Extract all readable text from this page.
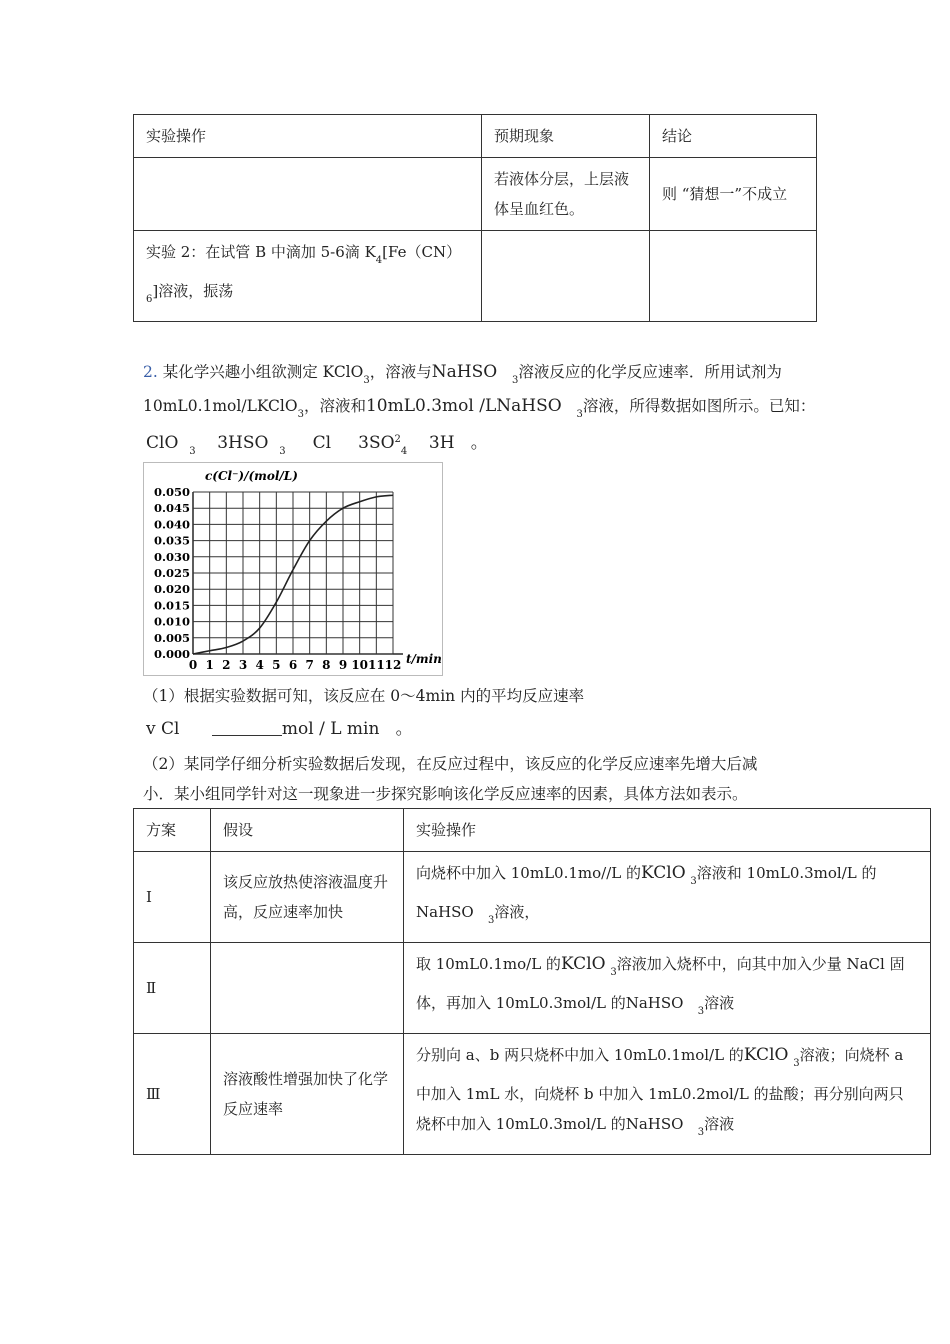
实验操作	预期现象	结论
	若液体分层，上层液体呈血红色。	则 “猜想一”不成立
实验 2：在试管 B 中滴加 5-6滴 $K_4[Fe(CN)$
$_6$]溶液，振荡		
2. 某化学兴趣小组欲测定 KClO$_3$，溶液与NaHSO $_3$溶液反应的化学反应速率．所用试剂为
10mL0.1mol/LKClO$_3$，溶液和10mL0.3mol /LNaHSO $_3$溶液，所得数据如图所示。已知：
ClO $_3$ 3HSO $_3$ Cl $3SO^2_4$ 3H 。
0.000
0.005
0.010
0.015
0.020
0.025
0.030
0.035
0.040
0.045
0.050
0 1 2 3 4 5 6 7 8 9 10 11 12
c(Cl⁻)/(mol/L)
t/min
（1）根据实验数据可知，该反应在 0～4min 内的平均反应速率
v Cl	mol / L min 。
（2）某同学仔细分析实验数据后发现，在反应过程中，该反应的化学反应速率先增大后减
小．某小组同学针对这一现象进一步探究影响该化学反应速率的因素，具体方法如表示。
方案	假设	实验操作
Ⅰ	该反应放热使溶液温度升高，反应速率加快	向烧杯中加入 10mL0.1mo//L 的KClO $_3$溶液和 10mL0.3mol/L 的
NaHSO $_3$溶液，
Ⅱ		取 10mL0.1mo/L 的KClO $_3$溶液加入烧杯中，向其中加入少量 NaCl 固体，再加入 10mL0.3mol/L 的NaHSO $_3$溶液
Ⅲ	溶液酸性增强加快了化学反应速率	分别向 a、b 两只烧杯中加入 10mL0.1mol/L 的KClO $_3$溶液；向烧杯 a 中加入 1mL 水，向烧杯 b 中加入 1mL0.2mol/L 的盐酸；再分别向两只烧杯中加入 10mL0.3mol/L 的NaHSO $_3$溶液
